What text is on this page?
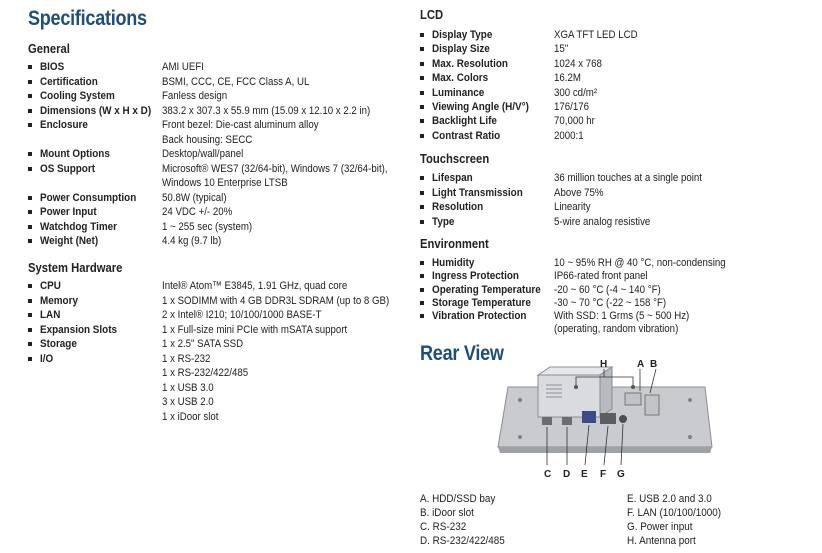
Specifications
General
BIOS	AMI UEFI
Certification	BSMI, CCC, CE, FCC Class A, UL
Cooling System	Fanless design
Dimensions (W x H x D) 383.2 x 307.3 x 55.9 mm (15.09 x 12.10 x 2.2 in)
Enclosure	Front bezel: Die-cast aluminum alloy
Back housing: SECC
Mount Options	Desktop/wall/panel
OS Support	Microsoft® WES7 (32/64-bit), Windows 7 (32/64-bit),
Windows 10 Enterprise LTSB
Power Consumption 50.8W (typical)
Power Input	24 VDC +/- 20%
Watchdog Timer	1 ~ 255 sec (system)
Weight (Net)	4.4 kg (9.7 lb)
System Hardware
CPU	Intel® Atom™ E3845, 1.91 GHz, quad core
Memory	1 x SODIMM with 4 GB DDR3L SDRAM (up to 8 GB)
LAN	2 x Intel® I210; 10/100/1000 BASE-T
Expansion Slots	1 x Full-size mini PCIe with mSATA support
Storage	1 x 2.5" SATA SSD
I/O	1 x RS-232
1 x RS-232/422/485
1 x USB 3.0
3 x USB 2.0
1 x iDoor slot
LCD
Display Type	XGA TFT LED LCD
Display Size	15"
Max. Resolution	1024 x 768
Max. Colors	16.2M
Luminance	300 cd/m²
Viewing Angle (H/V°) 176/176
Backlight Life	70,000 hr
Contrast Ratio	2000:1
Touchscreen
Lifespan	36 million touches at a single point
Light Transmission	Above 75%
Resolution	Linearity
Type	5-wire analog resistive
Environment
Humidity	10 ~ 95% RH @ 40 °C, non-condensing
Ingress Protection	IP66-rated front panel
Operating Temperature -20 ~ 60 °C (-4 ~ 140 °F)
Storage Temperature -30 ~ 70 °C (-22 ~ 158 °F)
Vibration Protection	With SSD: 1 Grms (5 ~ 500 Hz)
(operating, random vibration)
Rear View	H	A B
C D E F G
A. HDD/SSD bay
B. iDoor slot
C. RS-232
D. RS-232/422/485
E. USB 2.0 and 3.0
F. LAN (10/100/1000)
G. Power input
H. Antenna port
